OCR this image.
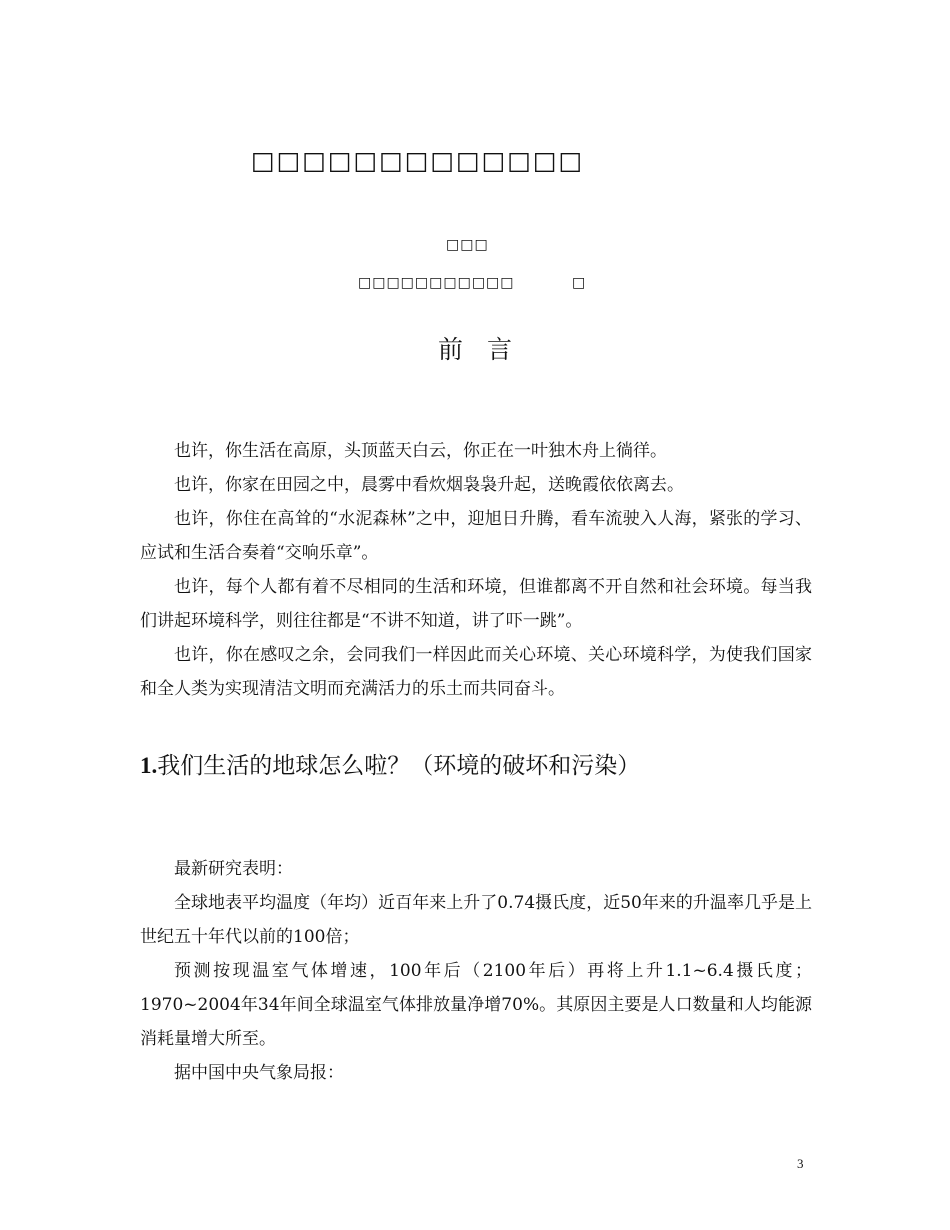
□□□□□□□□□□□□□
□□□
□□□□□□□□□□□	□
前言

也许，你生活在高原，头顶蓝天白云，你正在一叶独木舟上徜徉。

也许，你家在田园之中，晨雾中看炊烟袅袅升起，送晚霞依依离去。

也许，你住在高耸的“水泥森林”之中，迎旭日升腾，看车流驶入人海，紧张的学习、应试和生活合奏着“交响乐章”。

也许，每个人都有着不尽相同的生活和环境，但谁都离不开自然和社会环境。每当我们讲起环境科学，则往往都是“不讲不知道，讲了吓一跳”。

也许，你在感叹之余，会同我们一样因此而关心环境、关心环境科学，为使我们国家和全人类为实现清洁文明而充满活力的乐土而共同奋斗。

1.我们生活的地球怎么啦？（环境的破坏和污染）

最新研究表明：

全球地表平均温度（年均）近百年来上升了0.74摄氏度，近50年来的升温率几乎是上世纪五十年代以前的100倍；

预测按现温室气体增速，100年后（2100年后）再将上升1.1~6.4摄氏度；1970~2004年34年间全球温室气体排放量净增70%。其原因主要是人口数量和人均能源消耗量增大所至。

据中国中央气象局报：

3
